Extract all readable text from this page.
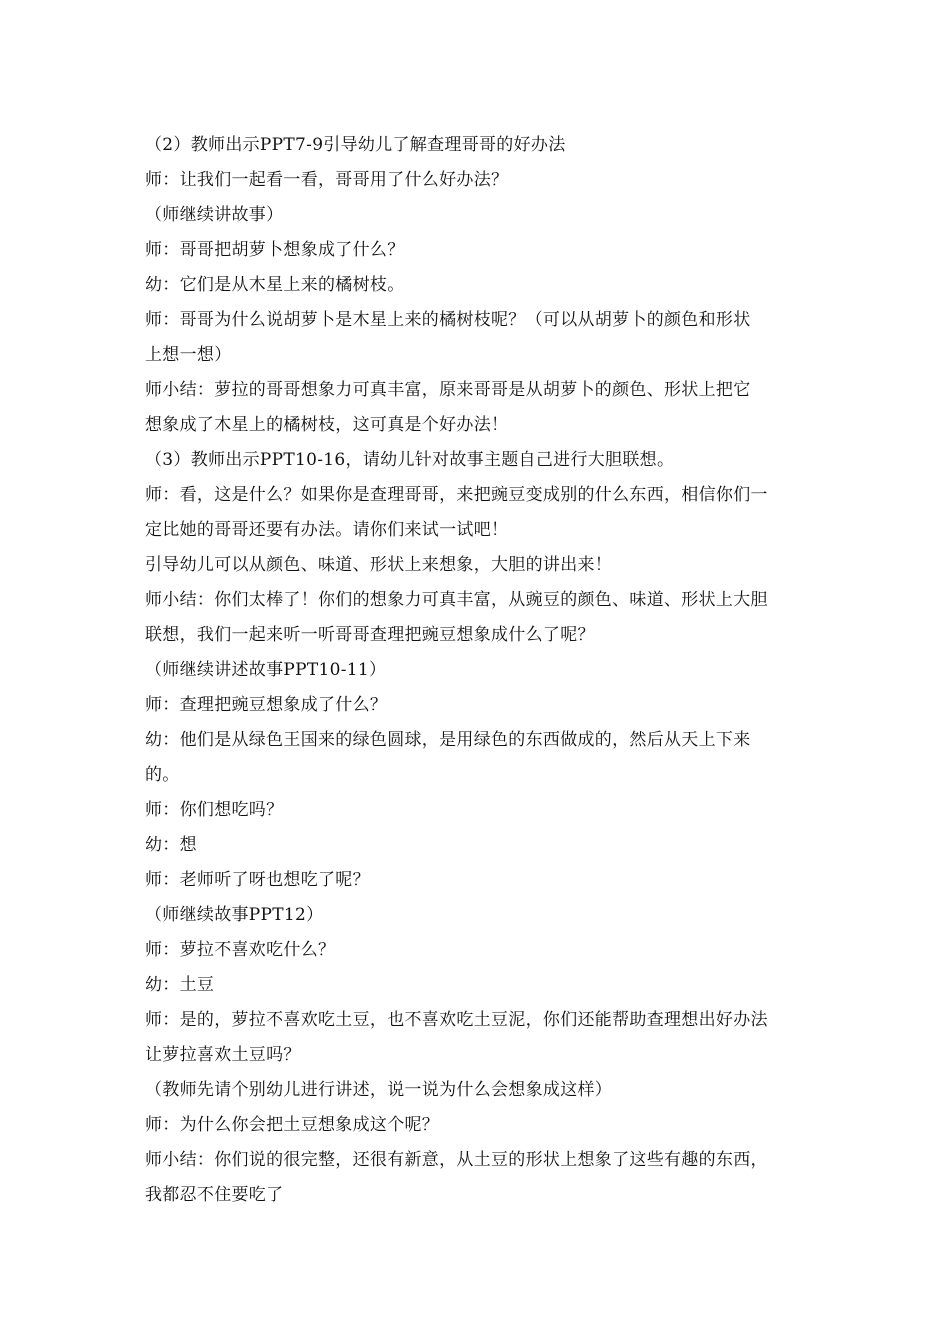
（2）教师出示PPT7-9引导幼儿了解查理哥哥的好办法
师：让我们一起看一看，哥哥用了什么好办法？
（师继续讲故事）
师：哥哥把胡萝卜想象成了什么？
幼：它们是从木星上来的橘树枝。
师：哥哥为什么说胡萝卜是木星上来的橘树枝呢？（可以从胡萝卜的颜色和形状
上想一想）
师小结：萝拉的哥哥想象力可真丰富，原来哥哥是从胡萝卜的颜色、形状上把它
想象成了木星上的橘树枝，这可真是个好办法！
（3）教师出示PPT10-16，请幼儿针对故事主题自己进行大胆联想。
师：看，这是什么？如果你是查理哥哥，来把豌豆变成别的什么东西，相信你们一
定比她的哥哥还要有办法。请你们来试一试吧！
引导幼儿可以从颜色、味道、形状上来想象，大胆的讲出来！
师小结：你们太棒了！你们的想象力可真丰富，从豌豆的颜色、味道、形状上大胆
联想，我们一起来听一听哥哥查理把豌豆想象成什么了呢？
（师继续讲述故事PPT10-11）
师：查理把豌豆想象成了什么？
幼：他们是从绿色王国来的绿色圆球，是用绿色的东西做成的，然后从天上下来
的。
师：你们想吃吗？
幼：想
师：老师听了呀也想吃了呢？
（师继续故事PPT12）
师：萝拉不喜欢吃什么？
幼：土豆
师：是的，萝拉不喜欢吃土豆，也不喜欢吃土豆泥，你们还能帮助查理想出好办法
让萝拉喜欢土豆吗？
（教师先请个别幼儿进行讲述，说一说为什么会想象成这样）
师：为什么你会把土豆想象成这个呢？
师小结：你们说的很完整，还很有新意，从土豆的形状上想象了这些有趣的东西，
我都忍不住要吃了
